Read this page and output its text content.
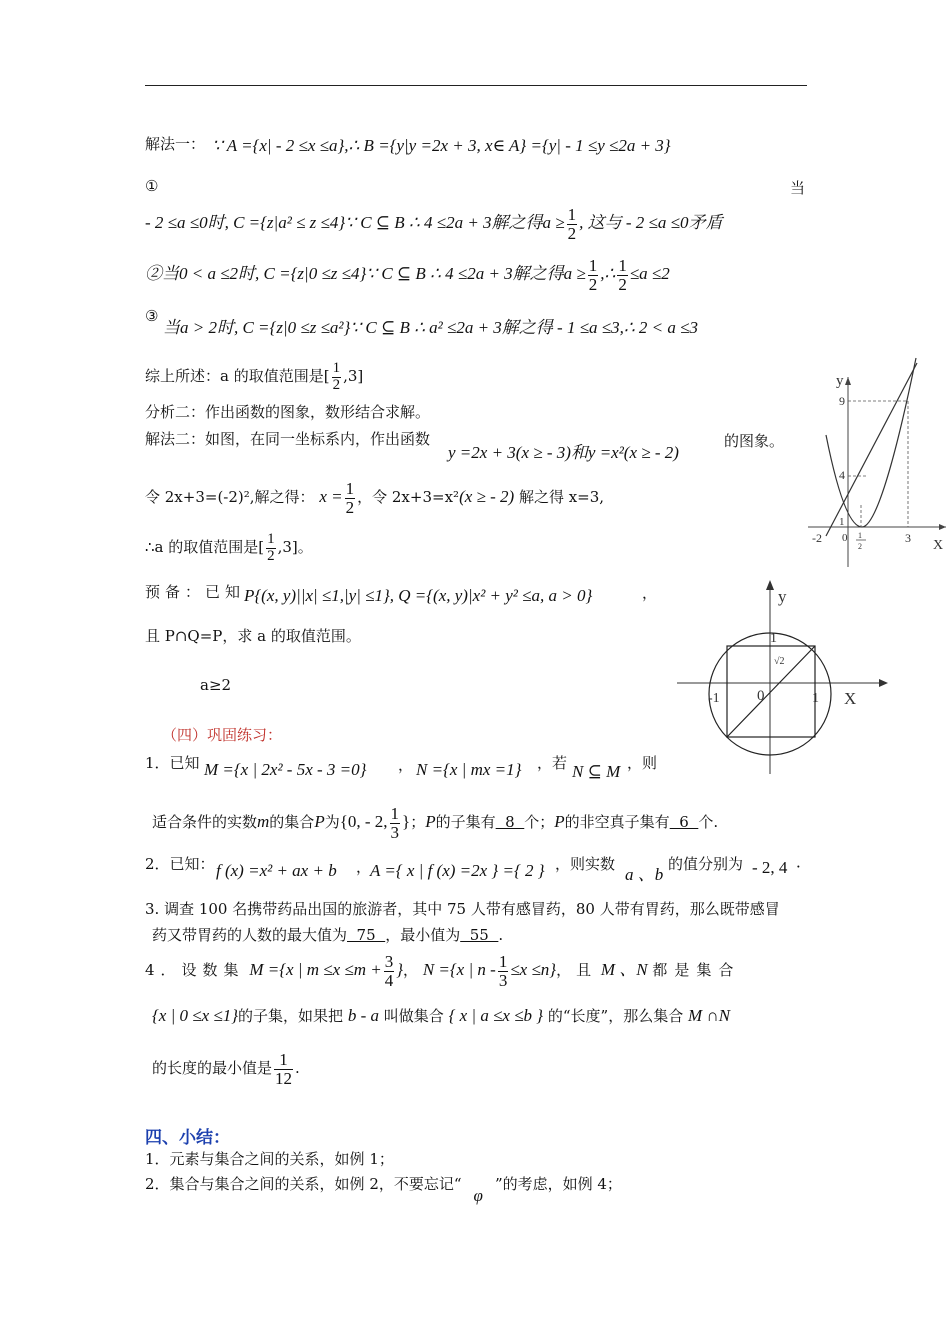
解法一： ∵ A ={x| - 2 ≤x ≤a},∴ B ={y|y =2x + 3, x∈ A} ={y| - 1 ≤y ≤2a + 3}
①	当
- 2 ≤a ≤0时, C ={z|a² ≤ z ≤4}∵ C ⊆ B ∴ 4 ≤2a + 3解之得$a \ge \frac{1}{2}$ , 这与 - 2 ≤a ≤0矛盾
②当0 < a ≤2时, C ={z|0 ≤z ≤4}∵ C ⊆ B ∴ 4 ≤2a + 3解之得$a \ge \frac{1}{2}$ ,∴ $\frac{1}{2} \le a \le 2$
③
当a > 2时, C ={z|0 ≤z ≤a²}∵ C ⊆ B ∴ a² ≤2a + 3解之得 - 1 ≤a ≤3,∴ 2 < a ≤3
综上所述：a 的取值范围是[ $\frac{1}{2} ,3$]
分析二：作出函数的图象，数形结合求解。
解法二：如图，在同一坐标系内，作出函数
y =2x + 3(x ≥ - 3)和y =x²(x ≥ - 2)
的图象。
令 2x+3=(-2)²,解之得： $x = \frac{1}{2}$ ，令 2x+3=x²(x ≥ - 2) 解之得 x=3,
∴a 的取值范围是[ $\frac{1}{2} ,3$]。
预备：已知
P{(x, y)||x| ≤1,|y| ≤1}, Q ={(x, y)|x² + y² ≤a, a > 0}	，
且 P∩Q=P，求 a 的取值范围。
a≥2
（四）巩固练习：
1．已知 M ={x | 2x² - 5x - 3 =0} ， N ={x | mx =1} ，若 N ⊆ M ，则
适合条件的实数m的集合P为{0, - 2, $\frac{1}{3}$ }；P的子集有  8  个；P的非空真子集有  6  个.
2．已知： f (x) =x² + ax + b ，
A ={ x | f (x) =2x } ={ 2 } ，则实数
a 、b
的值分别为 - 2, 4 ·
3. 调查 100 名携带药品出国的旅游者，其中 75 人带有感冒药，80 人带有胃药，那么既带感冒
药又带胃药的人数的最大值为  75  ，最小值为  55  .
4．设数集 M ={x | $m \le x \le m + \frac{3}{4}$ }， N ={x | $n - \frac{1}{3} \le x \le n$}，且 M 、N 都是集合
{x | 0 ≤x ≤1}的子集，如果把 b - a 叫做集合 { x | a ≤x ≤b } 的“长度”，那么集合 M ∩N
的长度的最小值是 $\frac{1}{12}$ .
四、小结：
1．元素与集合之间的关系，如例 1；
2．集合与集合之间的关系，如例 2，不要忘记“φ”的考虑，如例 4；
y
X
9
4
1
-2 0 1
2
3
y
X
1
-1 0	1
√2
